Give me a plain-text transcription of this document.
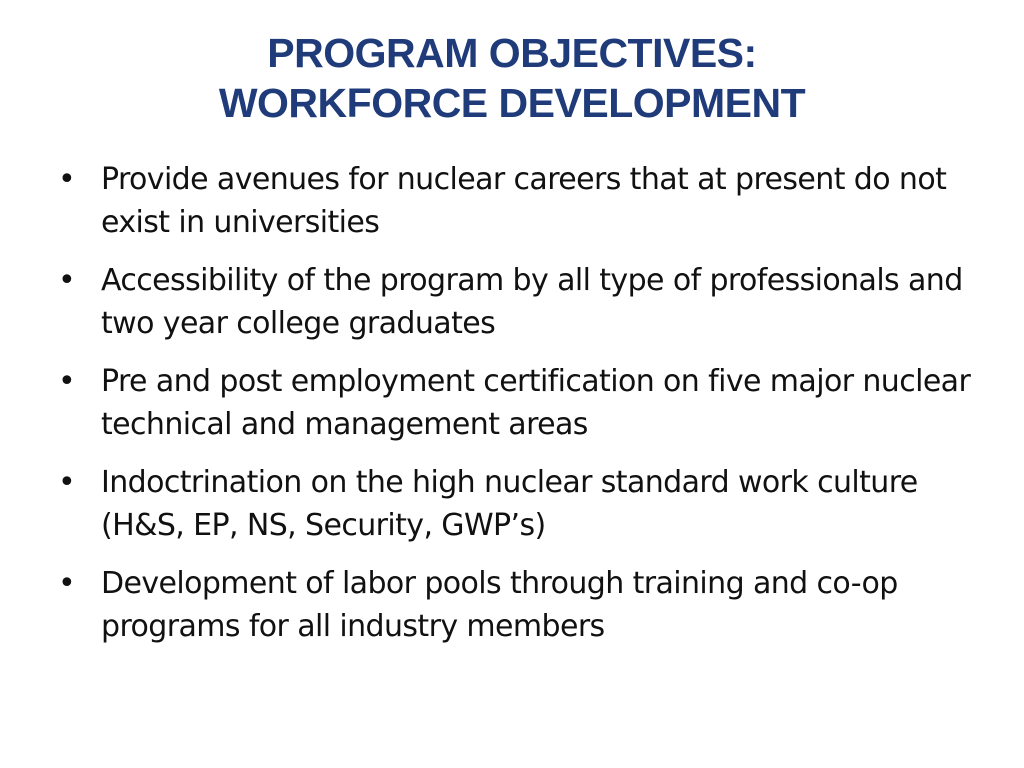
PROGRAM OBJECTIVES:
WORKFORCE DEVELOPMENT
• Provide avenues for nuclear careers that at present do not exist in universities
• Accessibility of the program by all type of professionals and two year college graduates
• Pre and post employment certification on five major nuclear technical and management areas
• Indoctrination on the high nuclear standard work culture (H&S, EP, NS, Security, GWP’s)
• Development of labor pools through training and co-op programs for all industry members
